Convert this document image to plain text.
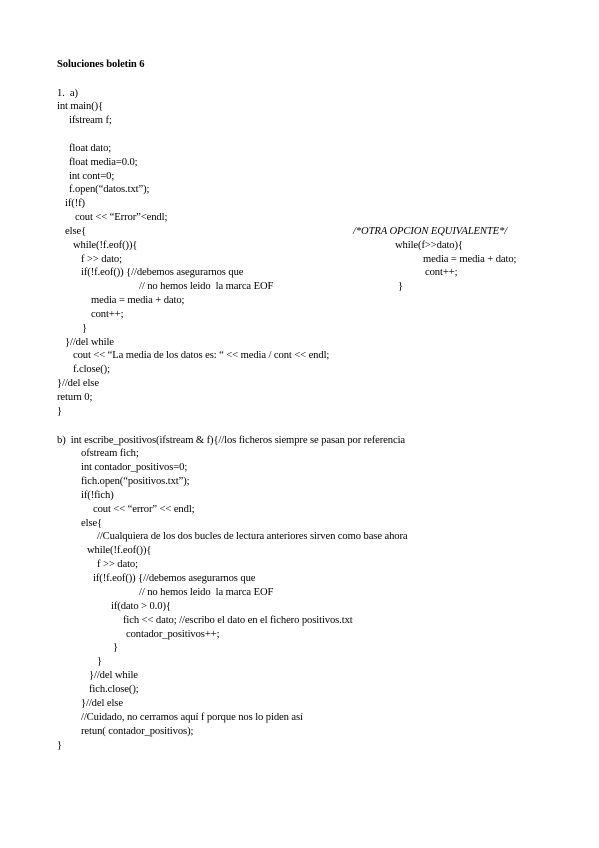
Soluciones boletin 6
1.  a)
int main(){
ifstream f;
float dato;
float media=0.0;
int cont=0;
f.open(“datos.txt”);
if(!f)
cout << “Error”<endl;
else{
while(!f.eof()){
f >> dato;
if(!f.eof()) {//debemos asegurarnos que
// no hemos leido  la marca EOF
media = media + dato;
cont++;
}
}//del while
cout << “La media de los datos es: “ << media / cont << endl;
f.close();
}//del else
return 0;
}
/*OTRA OPCION EQUIVALENTE*/
while(f>>dato){
media = media + dato;
cont++;
}
b)  int escribe_positivos(ifstream & f){//los ficheros siempre se pasan por referencia
ofstream fich;
int contador_positivos=0;
fich.open(“positivos.txt”);
if(!fich)
cout << “error” << endl;
else{
//Cualquiera de los dos bucles de lectura anteriores sirven como base ahora
while(!f.eof()){
f >> dato;
if(!f.eof()) {//debemos asegurarnos que
// no hemos leido  la marca EOF
if(dato > 0.0){
fich << dato; //escribo el dato en el fichero positivos.txt
contador_positivos++;
}
}
}//del while
fich.close();
}//del else
//Cuidado, no cerramos aquí f porque nos lo piden así
retun( contador_positivos);
}
